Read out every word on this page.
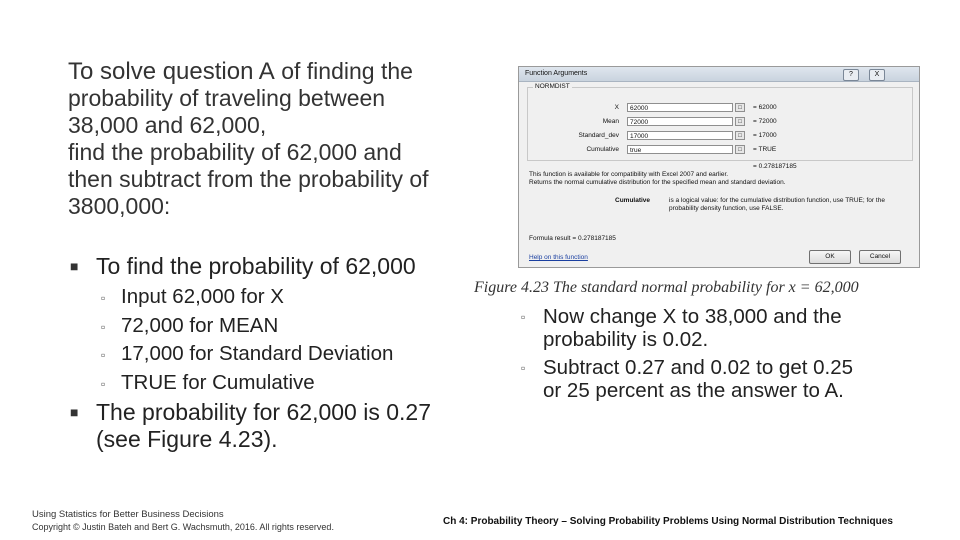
To solve question A of finding the
probability of traveling between
38,000 and 62,000,
find the probability of 62,000 and
then subtract from the probability of
3800,000:
■ To find the probability of 62,000
▫ Input 62,000 for X
▫ 72,000 for MEAN
▫ 17,000 for Standard Deviation
▫ TRUE for Cumulative
■ The probability for 62,000 is 0.27
(see Figure 4.23).
Function Arguments	?	X
NORMDIST
X	62000	□	= 62000
Mean	72000	□	= 72000
Standard_dev	17000	□	= 17000
Cumulative	true	□	= TRUE
= 0.278187185
This function is available for compatibility with Excel 2007 and earlier.
Returns the normal cumulative distribution for the specified mean and standard deviation.
Cumulative	is a logical value: for the cumulative distribution function, use TRUE; for the probability density function, use FALSE.
Formula result = 0.278187185
Help on this function	OK	Cancel
Figure 4.23 The standard normal probability for x = 62,000
▫ Now change X to 38,000 and the
probability is 0.02.
▫ Subtract 0.27 and 0.02 to get 0.25
or 25 percent as the answer to A.
Using Statistics for Better Business Decisions
Copyright © Justin Bateh and Bert G. Wachsmuth, 2016. All rights reserved.	Ch 4: Probability Theory – Solving Probability Problems Using Normal Distribution Techniques
